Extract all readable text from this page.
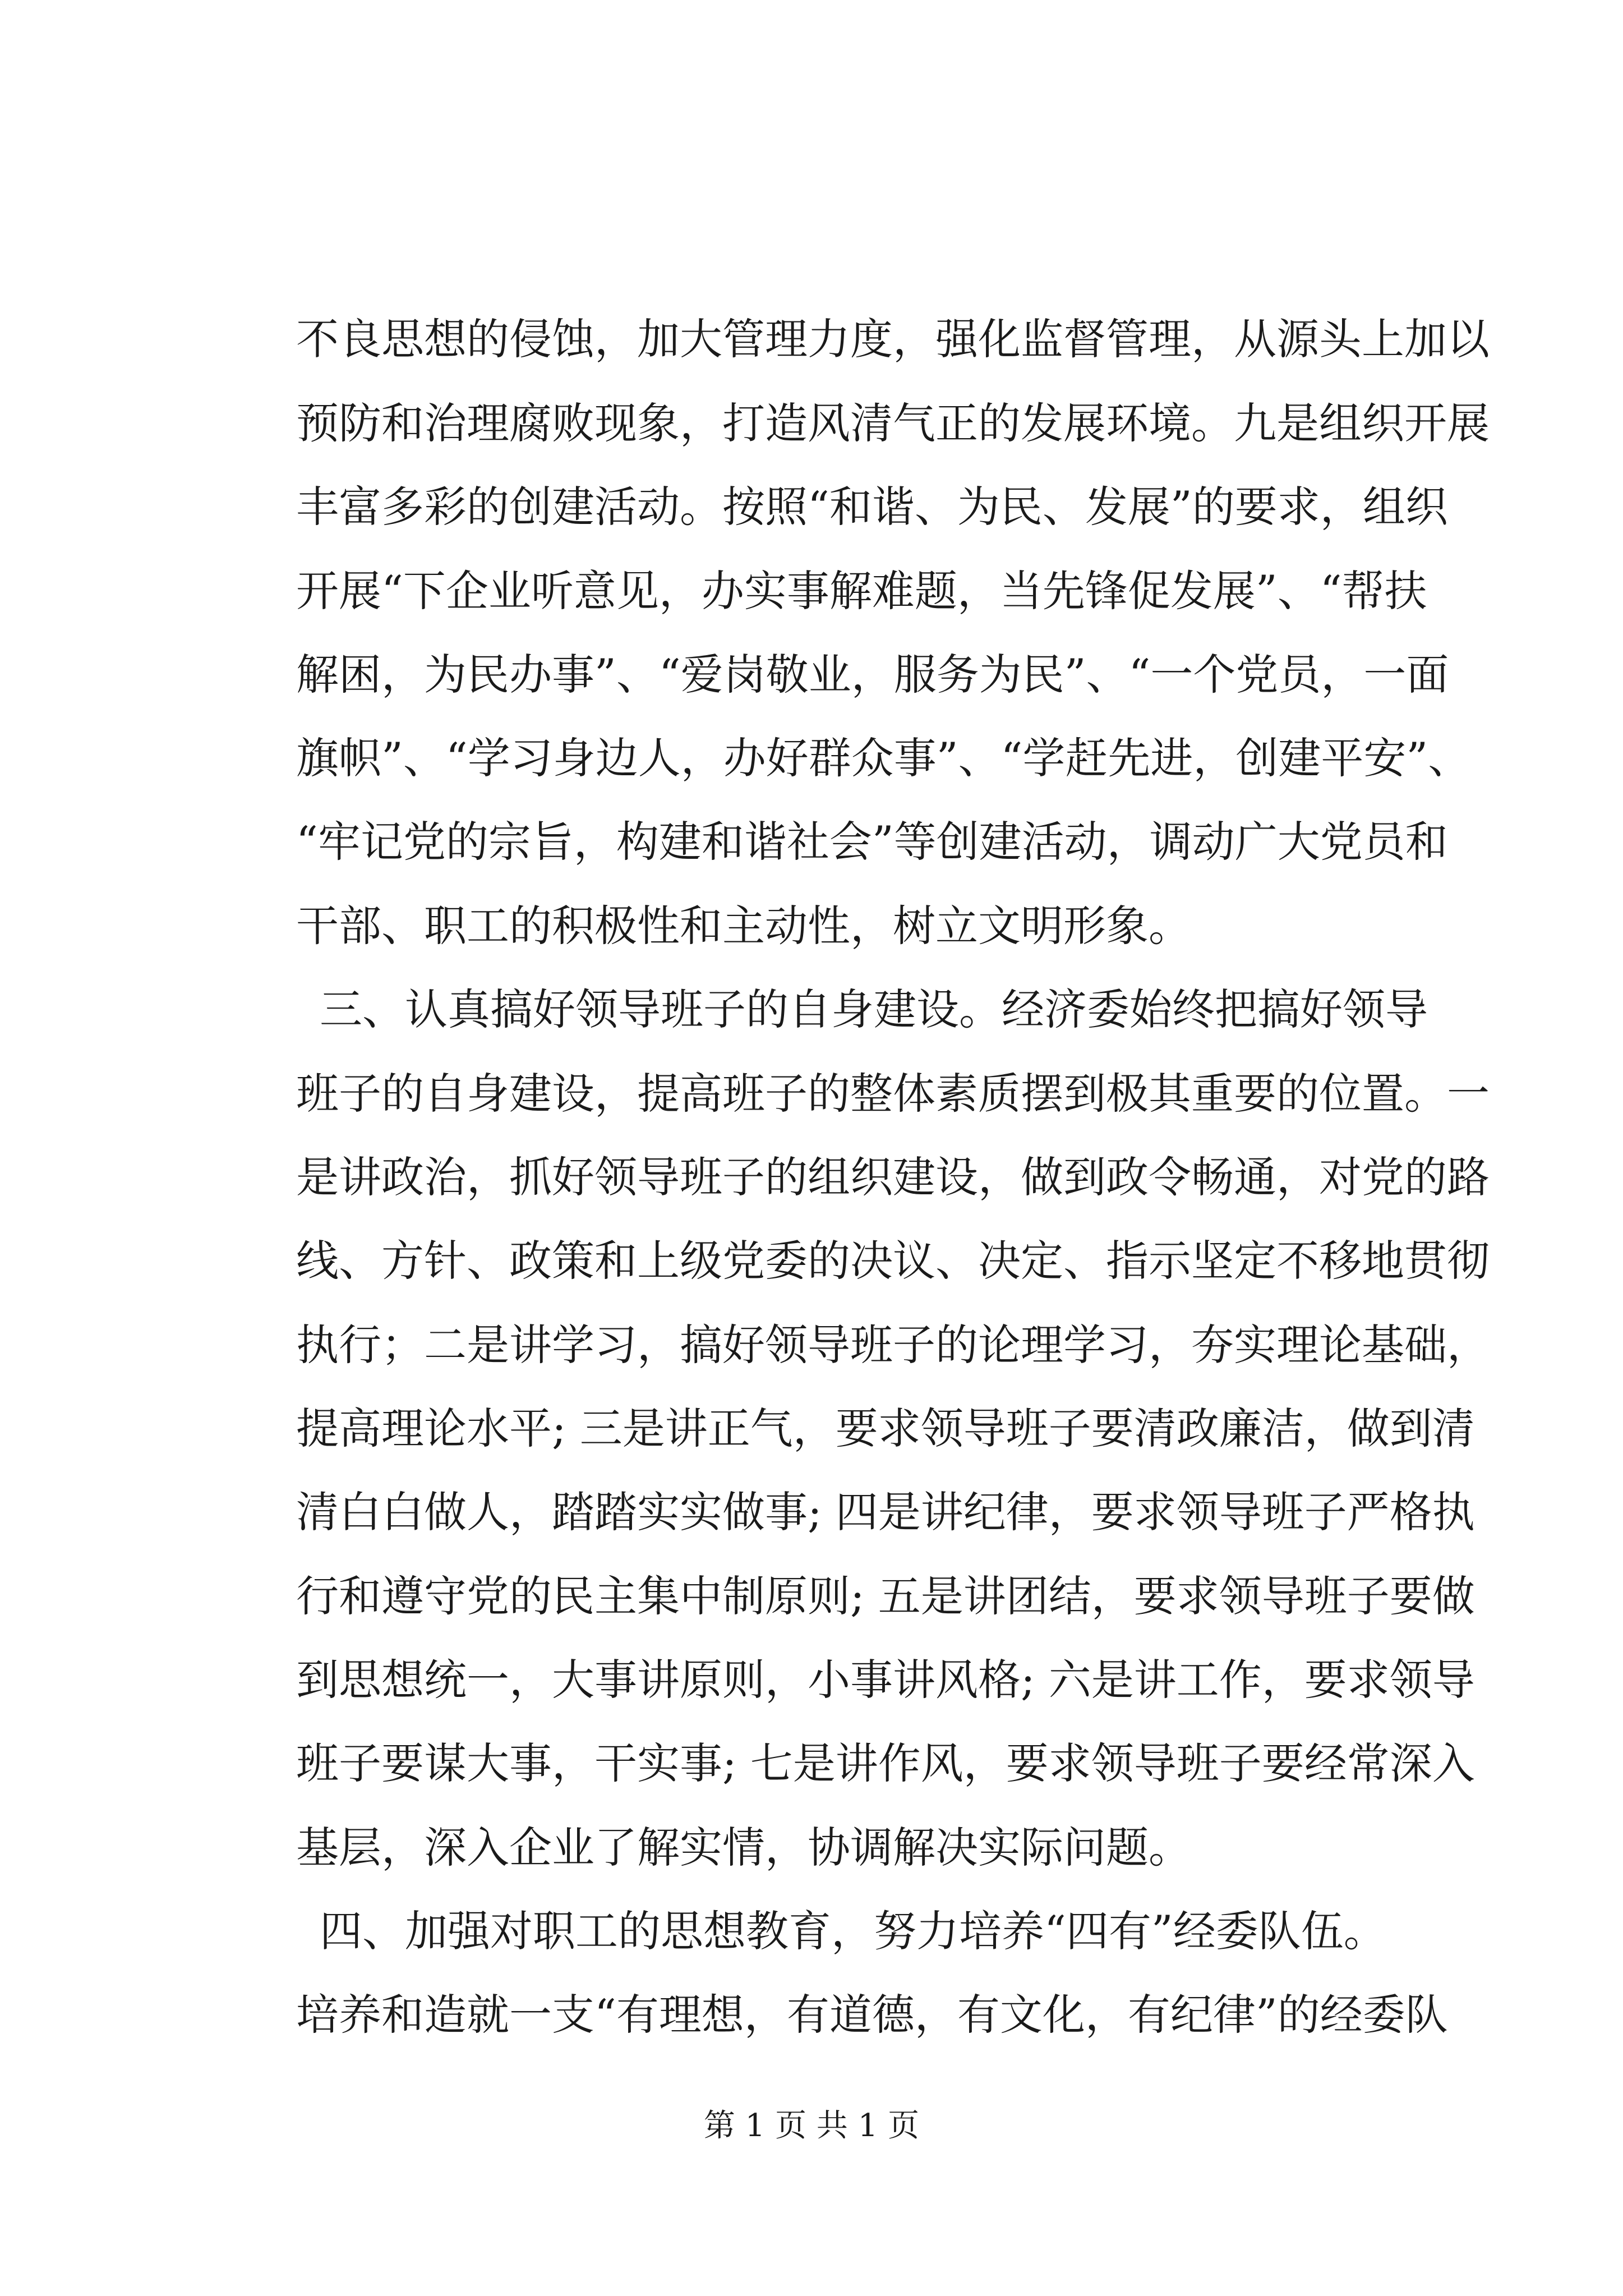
不良思想的侵蚀，加大管理力度，强化监督管理，从源头上加以
预防和治理腐败现象，打造风清气正的发展环境。九是组织开展
丰富多彩的创建活动。按照“和谐、为民、发展”的要求，组织
开展“下企业听意见，办实事解难题，当先锋促发展”、“帮扶
解困，为民办事”、“爱岗敬业，服务为民”、“一个党员，一面
旗帜”、“学习身边人，办好群众事”、“学赶先进，创建平安”、
“牢记党的宗旨，构建和谐社会”等创建活动，调动广大党员和
干部、职工的积极性和主动性，树立文明形象。
三、认真搞好领导班子的自身建设。经济委始终把搞好领导
班子的自身建设，提高班子的整体素质摆到极其重要的位置。一
是讲政治，抓好领导班子的组织建设，做到政令畅通，对党的路
线、方针、政策和上级党委的决议、决定、指示坚定不移地贯彻
执行；二是讲学习，搞好领导班子的论理学习，夯实理论基础，
提高理论水平; 三是讲正气，要求领导班子要清政廉洁，做到清
清白白做人，踏踏实实做事; 四是讲纪律，要求领导班子严格执
行和遵守党的民主集中制原则; 五是讲团结，要求领导班子要做
到思想统一，大事讲原则，小事讲风格; 六是讲工作，要求领导
班子要谋大事，干实事; 七是讲作风，要求领导班子要经常深入
基层，深入企业了解实情，协调解决实际问题。
四、加强对职工的思想教育，努力培养“四有”经委队伍。
培养和造就一支“有理想，有道德，有文化，有纪律”的经委队
第 1 页 共 1 页
